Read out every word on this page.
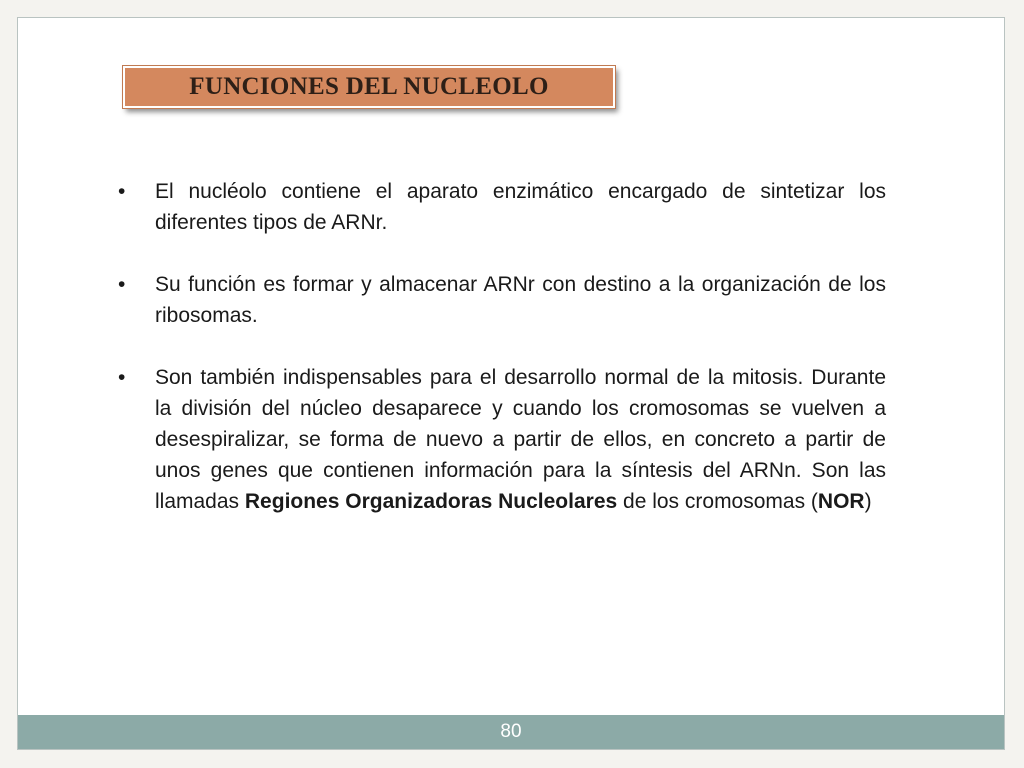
FUNCIONES DEL NUCLEOLO
•	El nucléolo contiene el aparato enzimático encargado de sintetizar los diferentes tipos de ARNr.
•	Su función es formar y almacenar ARNr con destino a la organización de los ribosomas.
•	Son también indispensables para el desarrollo normal de la mitosis. Durante la división del núcleo desaparece y cuando los cromosomas se vuelven a desespiralizar, se forma de nuevo a partir de ellos, en concreto a partir de unos genes que contienen información para la síntesis del ARNn. Son las llamadas Regiones Organizadoras Nucleolares de los cromosomas (NOR)
80
